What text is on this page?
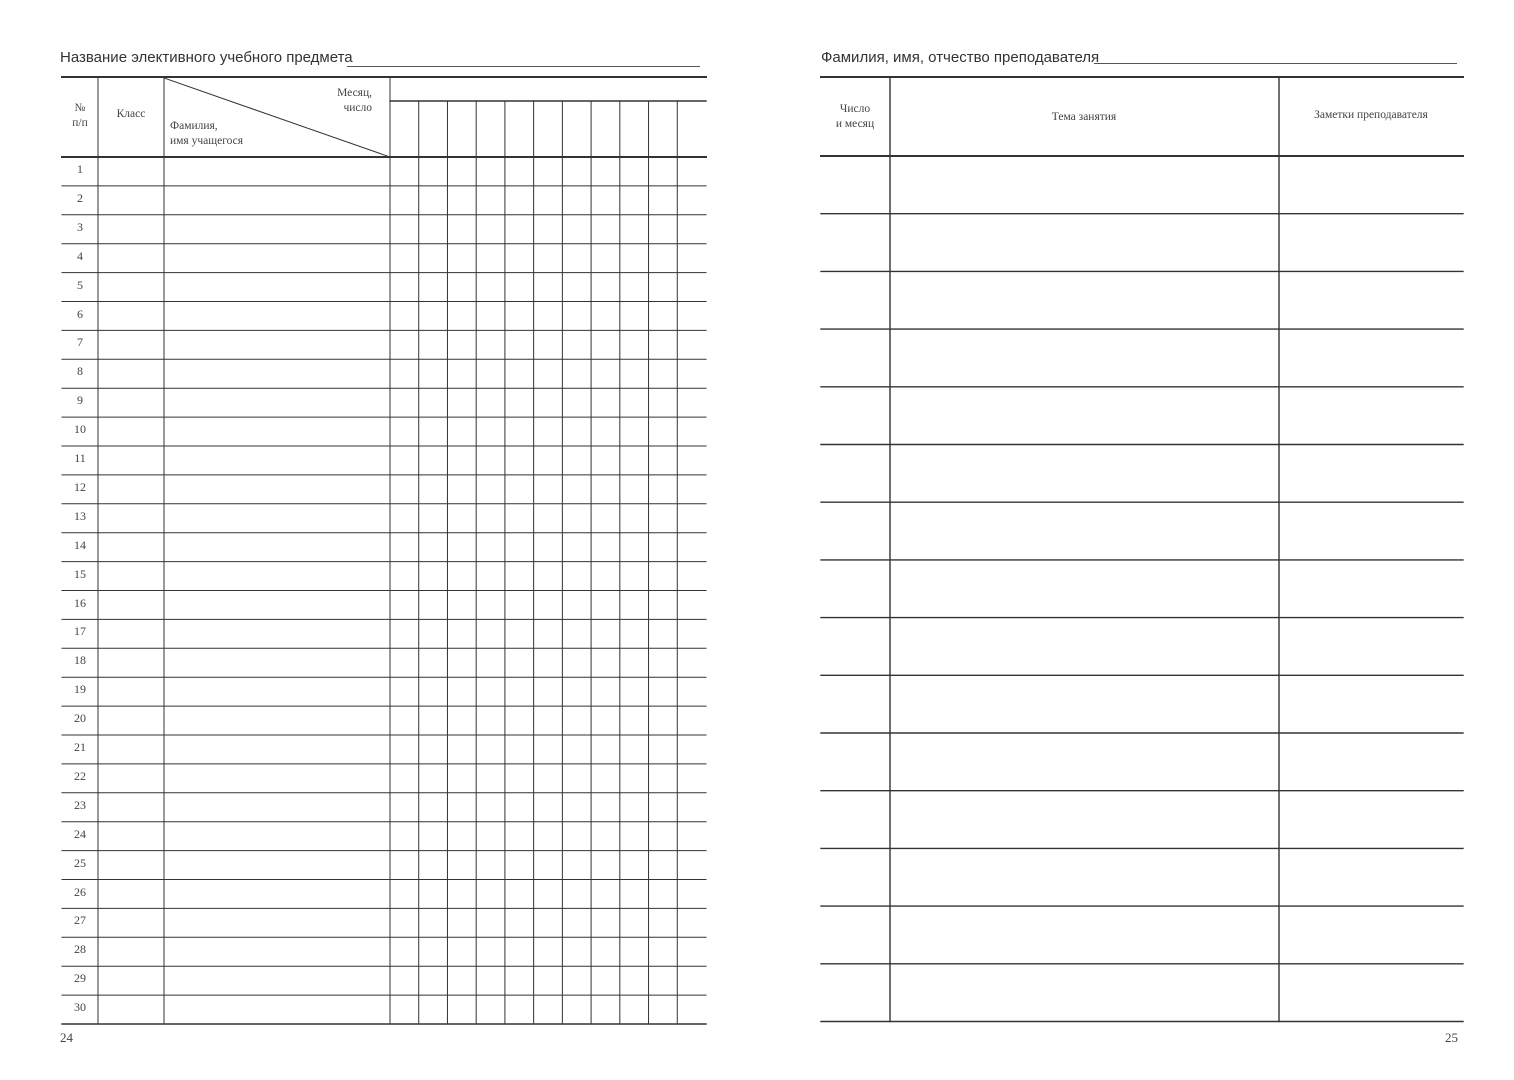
Название элективного учебного предмета
№
п/п
Класс
Месяц,
число
Фамилия,
имя учащегося
1
2
3
4
5
6
7
8
9
10
11
12
13
14
15
16
17
18
19
20
21
22
23
24
25
26
27
28
29
30
24
Фамилия, имя, отчество преподавателя
Число
и месяц
Тема занятия	Заметки преподавателя
25
